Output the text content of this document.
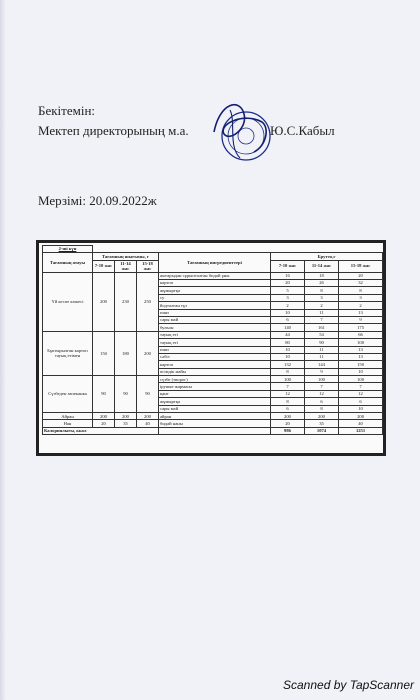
Бекітемін:
Мектеп директорының м.а.	Ю.С.Кабыл
Мерзімі: 20.09.2022ж
2-ші күн							
Тағамның атауы	Тағамның шығымы, г			Тағамның ингредиенттері	Брутто,г		
	7-10 жас	11-14 жас	15-18 жас		7-10 жас	11-14 жас	15-18 жас
Үй кеспе көжесі	200	230	250	жоғарыдан сұрыпталған бидай ұны	16	18	20
				картоп	20	26	32
				жұмыртқа	5	8	8
				су	3	3	3
				йодталған тұз	2	2	2
				пияз	10	11	13
				сары май	6	7	9
				бульон	140	161	175
Бұктырылған картоп тауық етімен	150	180	200	тауық еті	44	54	66
				тауық еті	80	90	100
				пияз	10	11	13
				сәбіз	10	11	13
				картоп	132	144	150
				өсімдік майы	8	9	10
Сүзбеден запеканка	90	90	90	сүзбе (творог)	100	100	100
				ірушке жармасы	7	7	7
				қант	12	12	12
				жұмыртқа	8	6	6
				сары май	6	8	10
Айран	200	200	200	айран	200	200	200
Нан	20	35	40	бидай наны	20	35	40
Калориялығы, ккал					986	1074	1251
Scanned by TapScanner
